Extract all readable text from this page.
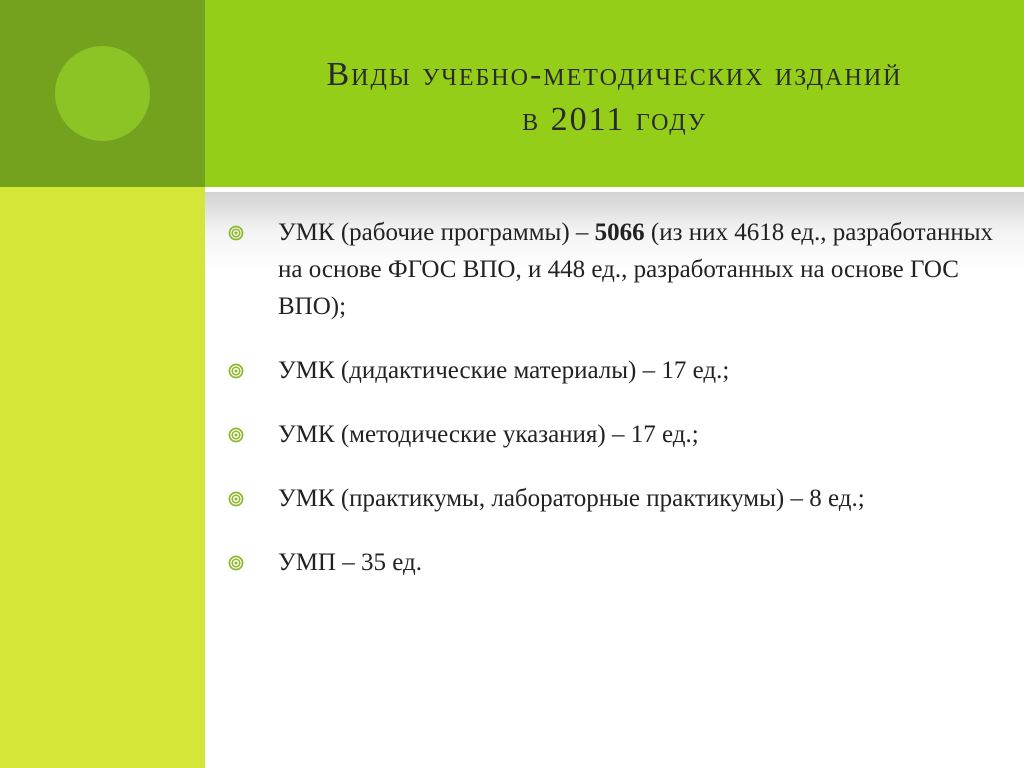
Виды учебно-методических изданий
в 2011 году
УМК (рабочие программы) – 5066 (из них 4618 ед., разработанных на основе ФГОС ВПО, и 448 ед., разработанных на основе ГОС ВПО);
УМК (дидактические материалы) – 17 ед.;
УМК (методические указания) – 17 ед.;
УМК (практикумы, лабораторные практикумы) – 8 ед.;
УМП – 35 ед.
